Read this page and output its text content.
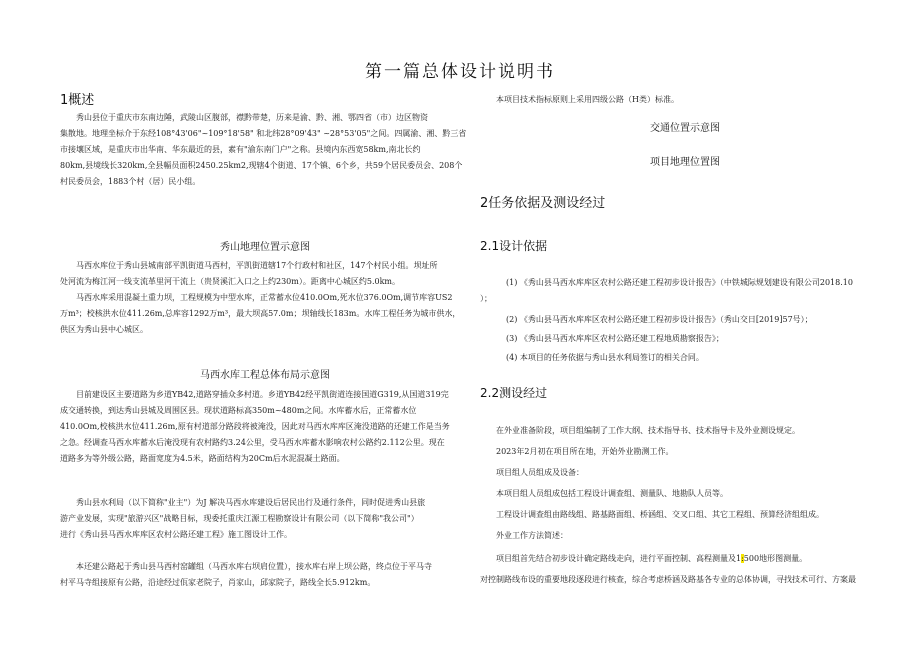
第一篇总体设计说明书
1概述

秀山县位于重庆市东南边陲，武陵山区腹部，襟黔带楚，历来是渝、黔、湘、鄂四省（市）边区物资

集散地。地理坐标介于东经108°43'06"~109°18'58" 和北纬28°09'43" ~28°53'05"之间。四属渝、湘、黔三省

市接壤区域，是重庆市出华南、华东最近的县，素有"渝东南门户"之称。县境内东西宽58km,南北长约

80km,县境线长320km,全县幅员面积2450.25km2,现辖4个街道、17个镇、6个乡，共59个居民委员会、208个

村民委员会，1883个村（居）民小组。

秀山地理位置示意图

马西水库位于秀山县城南部平凯街道马西村，平凯街道辖17个行政村和社区，147个村民小组。坝址所

处河流为梅江河一线支流革里河干流上（贵贤溪汇入口之上约230m）。距离中心城区约5.0km。

马西水库采用混凝土重力坝，工程规模为中型水库，正常蓄水位410.0Om,死水位376.0Om,调节库容US2

万m³；校核洪水位411.26m,总库容1292万m³，最大坝高57.0m；坝轴线长183m。水库工程任务为城市供水，

供区为秀山县中心城区。

马西水库工程总体布局示意图

目前建设区主要道路为乡道YB42,道路穿插众多村道。乡道YB42经平凯街道连接国道G319,从国道319完

成交通转换，到达秀山县城及周围区县。现状道路标高350m~480m之间。水库蓄水后，正常蓄水位

410.0Om,校核洪水位411.26m,原有村道部分路段将被淹没，因此对马西水库库区淹没道路的还建工作是当务

之急。经调查马西水库蓄水后淹没现有农村路约3.24公里，受马西水库蓄水影响农村公路约2.112公里。现在

道路多为等外级公路，路面宽度为4.5米，路面结构为20Cm后水泥混凝土路面。

秀山县水利局（以下简称"业主"）为J 解决马西水库建设后居民出行及通行条件，同时促进秀山县旅

游产业发展，实现"旅游兴区"战略目标，现委托重庆江源工程勘察设计有限公司（以下简称"我公司"）

进行《秀山县马西水库库区农村公路还建工程》施工图设计工作。

本还建公路起于秀山县马西村窑罐组（马西水库右坝肩位置），接水库右岸上坝公路，终点位于平马寺

村平马寺组接原有公路，沿途经过佤家老院子，肖家山，邱家院子，路线全长5.912km。

本项目技术指标原则上采用四级公路（H类）标准。

交通位置示意图
项目地理位置图
2任务依据及测设经过
2.1设计依据

(1) 《秀山县马西水库库区农村公路还建工程初步设计报告》（中铁城际规划建设有限公司2018.10

）；

(2) 《秀山县马西水库库区农村公路还建工程初步设计报告》（秀山交日[2019]57号）；

(3) 《秀山县马西水库库区农村公路还建工程地质勘察报告》；

(4) 本项目的任务依据与秀山县水利局签订的相关合同。

2.2测设经过

在外业准备阶段，项目组编制了工作大纲、技术指导书、技术指导卡及外业测设规定。

2023年2月初在项目所在地，开始外业勘测工作。

项目组人员组成及设备：

本项目组人员组成包括工程设计调查组、测量队、地勘队人员等。

工程设计调查组由路线组、路基路面组、桥涵组、交叉口组、其它工程组、预算经济组组成。

外业工作方法简述：

项目组首先结合初步设计确定路线走向，进行平面控制、高程测量及1:500地形图测量。

对控制路线布设的重要地段逐段进行核查，综合考虑桥涵及路基各专业的总体协调，寻找技术可行、方案最
